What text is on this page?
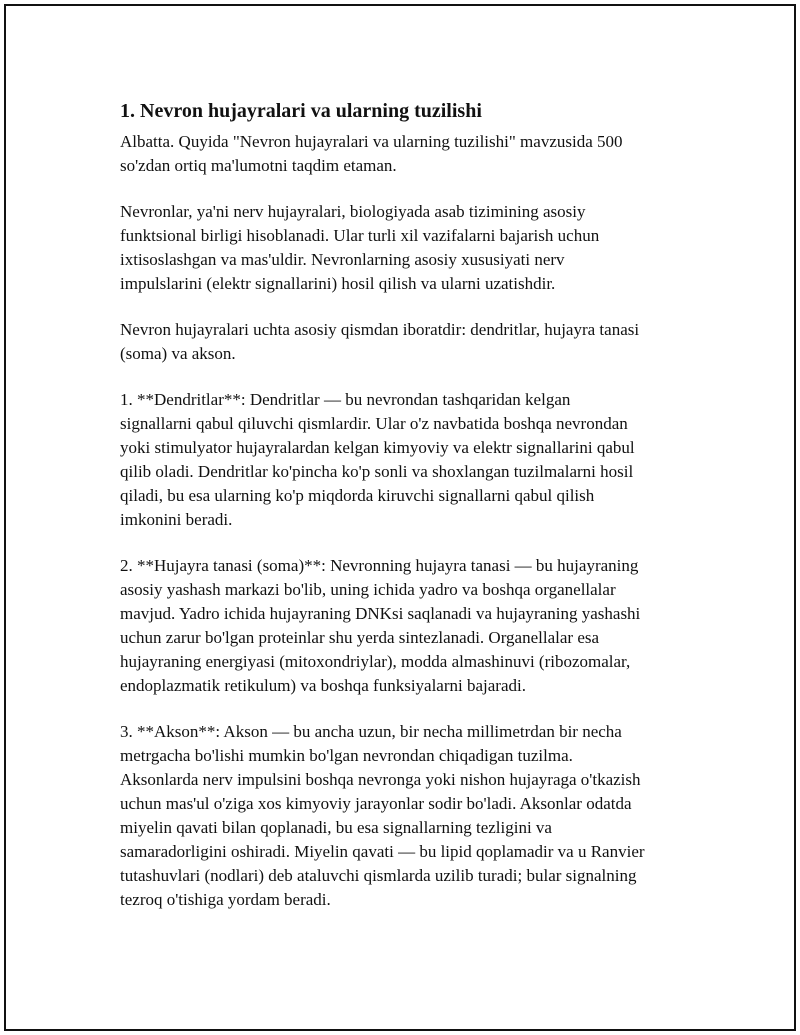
1. Nevron hujayralari va ularning tuzilishi

Albatta. Quyida "Nevron hujayralari va ularning tuzilishi" mavzusida 500
so'zdan ortiq ma'lumotni taqdim etaman.

Nevronlar, ya'ni nerv hujayralari, biologiyada asab tizimining asosiy
funktsional birligi hisoblanadi. Ular turli xil vazifalarni bajarish uchun
ixtisoslashgan va mas'uldir. Nevronlarning asosiy xususiyati nerv
impulslarini (elektr signallarini) hosil qilish va ularni uzatishdir.

Nevron hujayralari uchta asosiy qismdan iboratdir: dendritlar, hujayra tanasi
(soma) va akson.

1. **Dendritlar**: Dendritlar — bu nevrondan tashqaridan kelgan
signallarni qabul qiluvchi qismlardir. Ular o'z navbatida boshqa nevrondan
yoki stimulyator hujayralardan kelgan kimyoviy va elektr signallarini qabul
qilib oladi. Dendritlar ko'pincha ko'p sonli va shoxlangan tuzilmalarni hosil
qiladi, bu esa ularning ko'p miqdorda kiruvchi signallarni qabul qilish
imkonini beradi.

2. **Hujayra tanasi (soma)**: Nevronning hujayra tanasi — bu hujayraning
asosiy yashash markazi bo'lib, uning ichida yadro va boshqa organellalar
mavjud. Yadro ichida hujayraning DNKsi saqlanadi va hujayraning yashashi
uchun zarur bo'lgan proteinlar shu yerda sintezlanadi. Organellalar esa
hujayraning energiyasi (mitoxondriylar), modda almashinuvi (ribozomalar,
endoplazmatik retikulum) va boshqa funksiyalarni bajaradi.

3. **Akson**: Akson — bu ancha uzun, bir necha millimetrdan bir necha
metrgacha bo'lishi mumkin bo'lgan nevrondan chiqadigan tuzilma.
Aksonlarda nerv impulsini boshqa nevronga yoki nishon hujayraga o'tkazish
uchun mas'ul o'ziga xos kimyoviy jarayonlar sodir bo'ladi. Aksonlar odatda
miyelin qavati bilan qoplanadi, bu esa signallarning tezligini va
samaradorligini oshiradi. Miyelin qavati — bu lipid qoplamadir va u Ranvier
tutashuvlari (nodlari) deb ataluvchi qismlarda uzilib turadi; bular signalning
tezroq o'tishiga yordam beradi.
